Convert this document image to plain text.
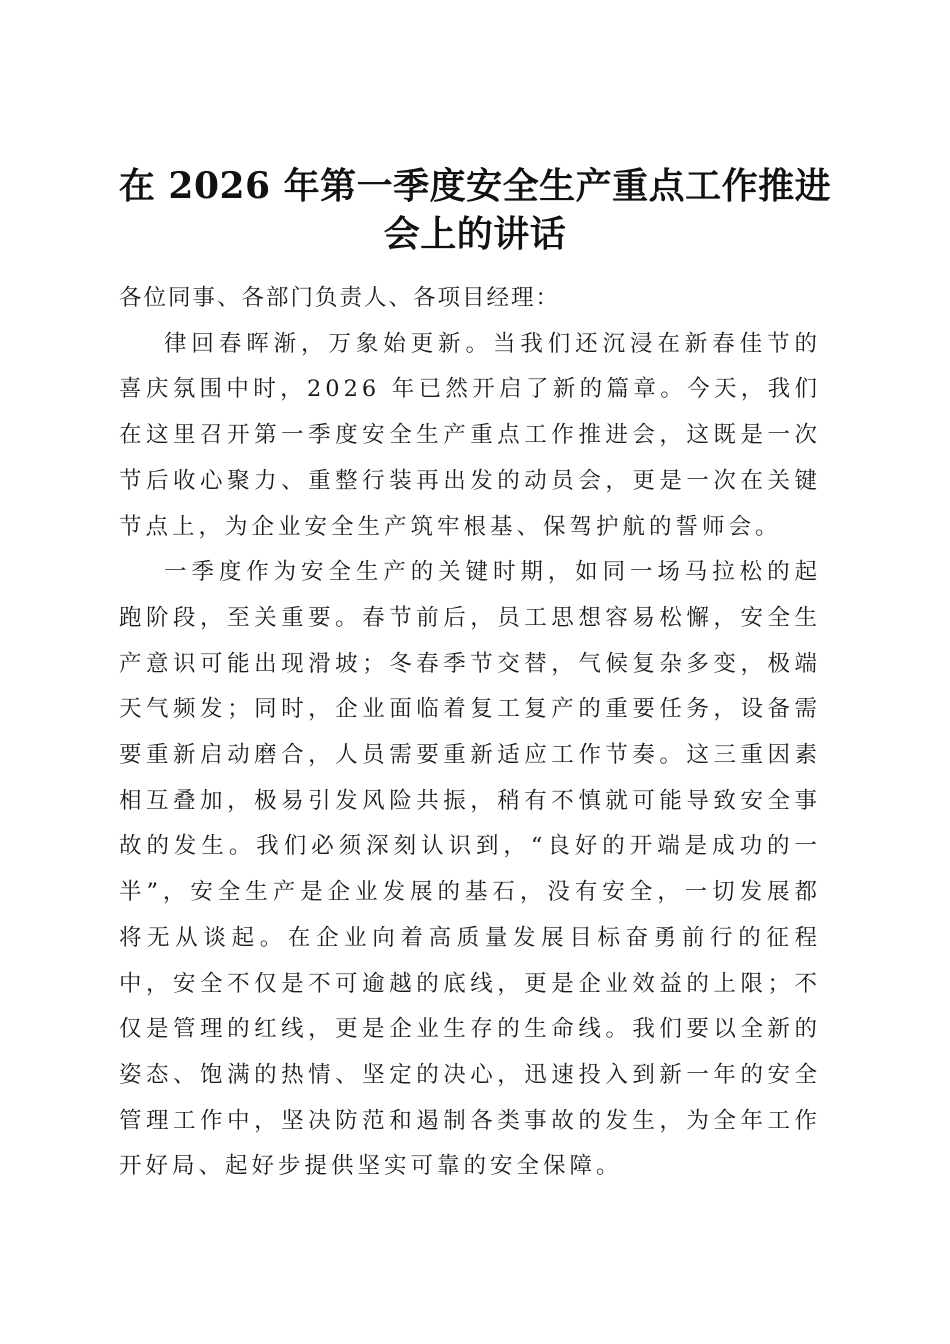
在 2026 年第一季度安全生产重点工作推进会上的讲话

各位同事、各部门负责人、各项目经理：

律回春晖渐，万象始更新。当我们还沉浸在新春佳节的喜庆氛围中时，2026 年已然开启了新的篇章。今天，我们在这里召开第一季度安全生产重点工作推进会，这既是一次节后收心聚力、重整行装再出发的动员会，更是一次在关键节点上，为企业安全生产筑牢根基、保驾护航的誓师会。

一季度作为安全生产的关键时期，如同一场马拉松的起跑阶段，至关重要。春节前后，员工思想容易松懈，安全生产意识可能出现滑坡；冬春季节交替，气候复杂多变，极端天气频发；同时，企业面临着复工复产的重要任务，设备需要重新启动磨合，人员需要重新适应工作节奏。这三重因素相互叠加，极易引发风险共振，稍有不慎就可能导致安全事故的发生。我们必须深刻认识到，“良好的开端是成功的一半”，安全生产是企业发展的基石，没有安全，一切发展都将无从谈起。在企业向着高质量发展目标奋勇前行的征程中，安全不仅是不可逾越的底线，更是企业效益的上限；不仅是管理的红线，更是企业生存的生命线。我们要以全新的姿态、饱满的热情、坚定的决心，迅速投入到新一年的安全管理工作中，坚决防范和遏制各类事故的发生，为全年工作开好局、起好步提供坚实可靠的安全保障。
